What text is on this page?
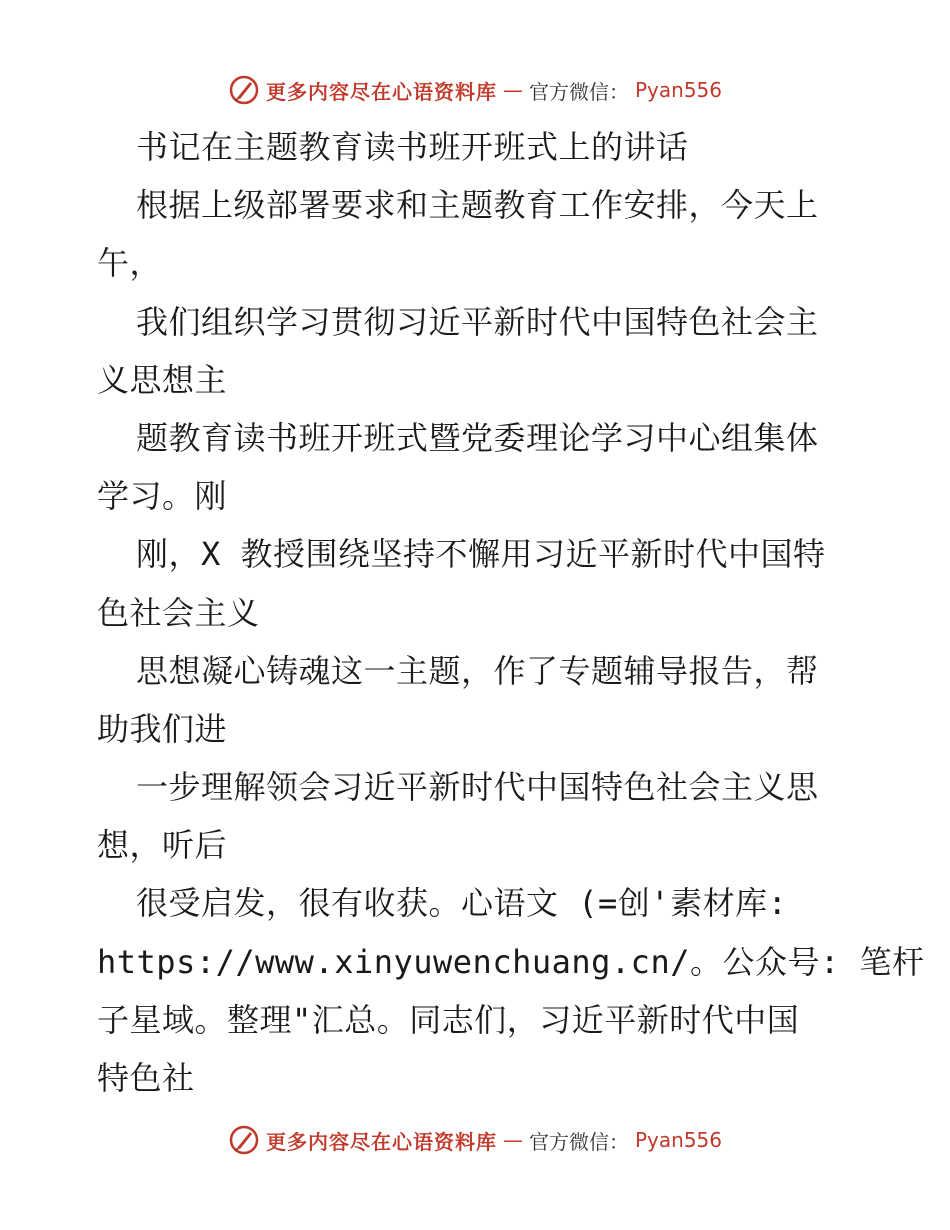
更多内容尽在心语资料库 — 官方微信： Pyan556
书记在主题教育读书班开班式上的讲话
根据上级部署要求和主题教育工作安排，今天上
午，
我们组织学习贯彻习近平新时代中国特色社会主
义思想主
题教育读书班开班式暨党委理论学习中心组集体
学习。刚
刚，X 教授围绕坚持不懈用习近平新时代中国特
色社会主义
思想凝心铸魂这一主题，作了专题辅导报告，帮
助我们进
一步理解领会习近平新时代中国特色社会主义思
想，听后
很受启发，很有收获。心语文 (=创'素材库:
https://www.xinyuwenchuang.cn/。公众号: 笔杆
子星域。整理"汇总。同志们，习近平新时代中国
特色社
更多内容尽在心语资料库 — 官方微信： Pyan556
